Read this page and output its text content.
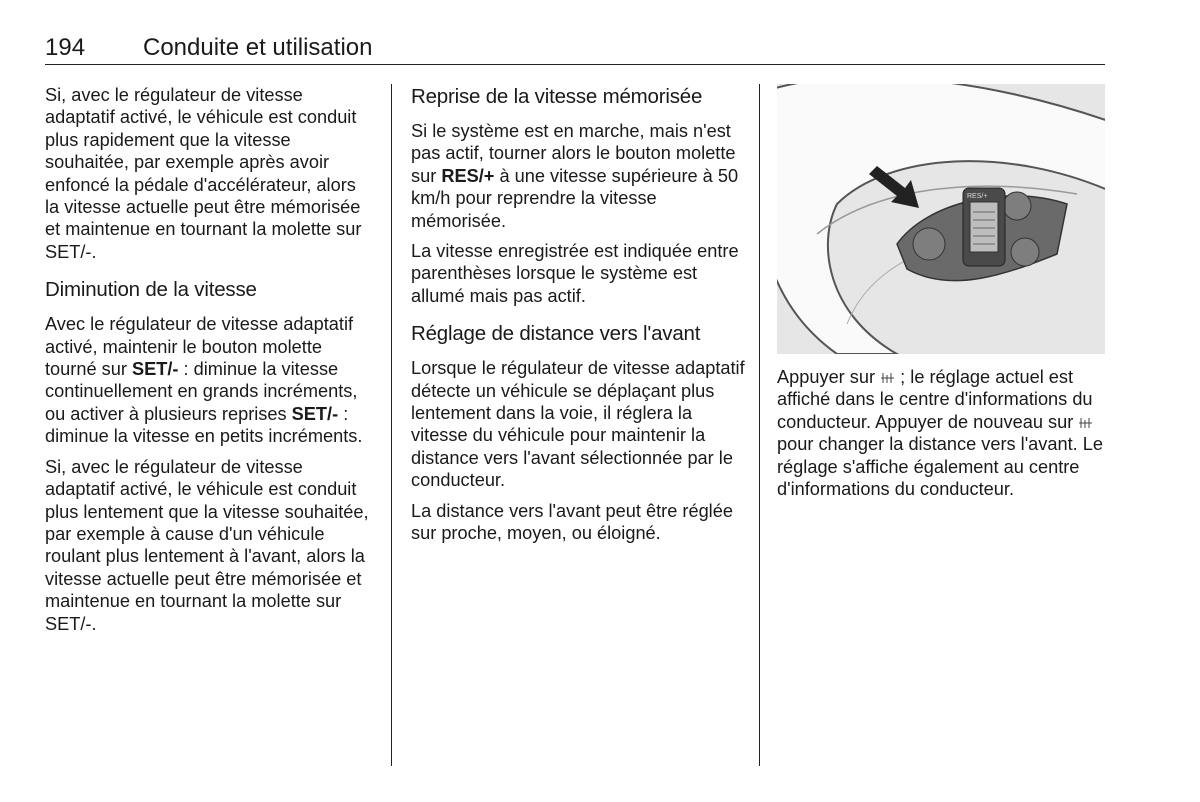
194 Conduite et utilisation

Si, avec le régulateur de vitesse adaptatif activé, le véhicule est conduit plus rapidement que la vitesse souhaitée, par exemple après avoir enfoncé la pédale d'accélérateur, alors la vitesse actuelle peut être mémorisée et maintenue en tournant la molette sur SET/-.

Diminution de la vitesse

Avec le régulateur de vitesse adaptatif activé, maintenir le bouton molette tourné sur SET/- : diminue la vitesse continuellement en grands incréments, ou activer à plusieurs reprises SET/- : diminue la vitesse en petits incréments.

Si, avec le régulateur de vitesse adaptatif activé, le véhicule est conduit plus lentement que la vitesse souhaitée, par exemple à cause d'un véhicule roulant plus lentement à l'avant, alors la vitesse actuelle peut être mémorisée et maintenue en tournant la molette sur SET/-.

Reprise de la vitesse mémorisée

Si le système est en marche, mais n'est pas actif, tourner alors le bouton molette sur RES/+ à une vitesse supérieure à 50 km/h pour reprendre la vitesse mémorisée.

La vitesse enregistrée est indiquée entre parenthèses lorsque le système est allumé mais pas actif.

Réglage de distance vers l'avant

Lorsque le régulateur de vitesse adaptatif détecte un véhicule se déplaçant plus lentement dans la voie, il réglera la vitesse du véhicule pour maintenir la distance vers l'avant sélectionnée par le conducteur.

La distance vers l'avant peut être réglée sur proche, moyen, ou éloigné.

RES/+

Appuyer sur  ; le réglage actuel est affiché dans le centre d'informations du conducteur. Appuyer de nouveau sur  pour changer la distance vers l'avant. Le réglage s'affiche également au centre d'informations du conducteur.
